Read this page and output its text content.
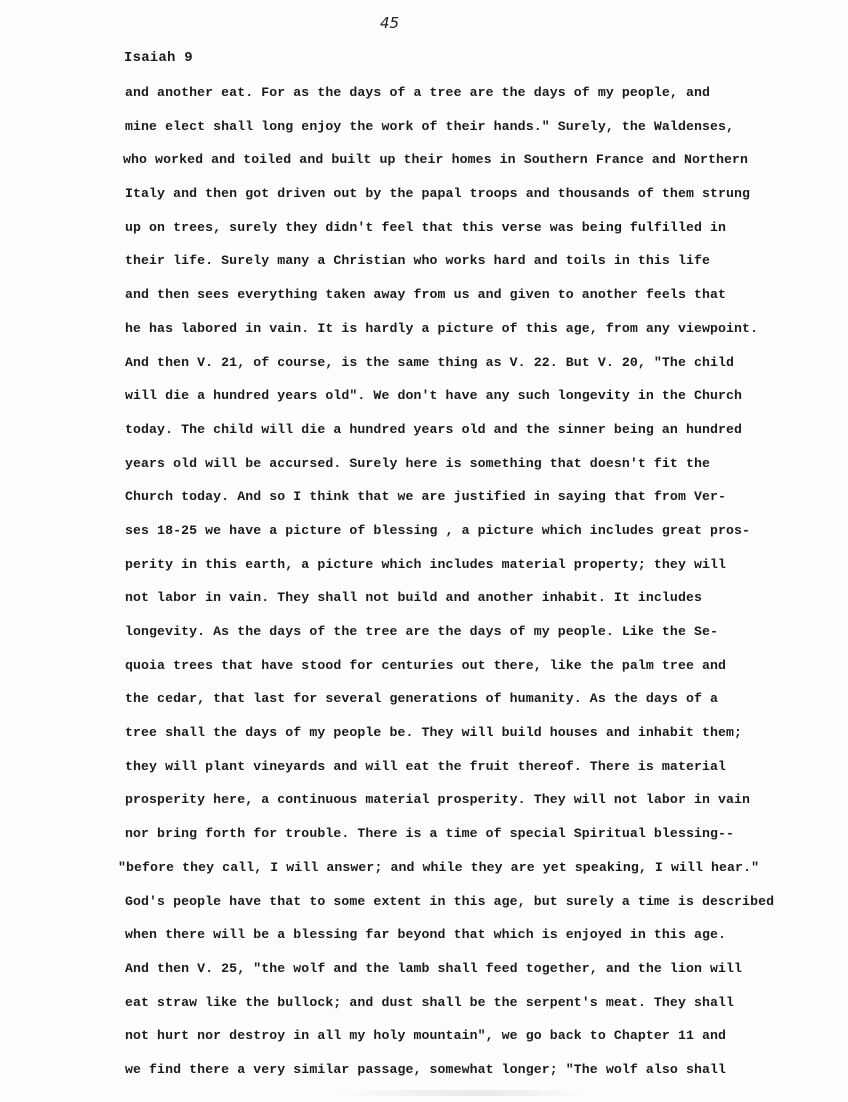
45
Isaiah 9
and another eat. For as the days of a tree are the days of my people, and
mine elect shall long enjoy the work of their hands." Surely, the Waldenses,
who worked and toiled and built up their homes in Southern France and Northern
Italy and then got driven out by the papal troops and thousands of them strung
up on trees, surely they didn't feel that this verse was being fulfilled in
their life. Surely many a Christian who works hard and toils in this life
and then sees everything taken away from us and given to another feels that
he has labored in vain. It is hardly a picture of this age, from any viewpoint.
And then V. 21, of course, is the same thing as V. 22. But V. 20, "The child
will die a hundred years old". We don't have any such longevity in the Church
today. The child will die a hundred years old and the sinner being an hundred
years old will be accursed. Surely here is something that doesn't fit the
Church today. And so I think that we are justified in saying that from Ver-
ses 18-25 we have a picture of blessing , a picture which includes great pros-
perity in this earth, a picture which includes material property; they will
not labor in vain. They shall not build and another inhabit. It includes
longevity. As the days of the tree are the days of my people. Like the Se-
quoia trees that have stood for centuries out there, like the palm tree and
the cedar, that last for several generations of humanity. As the days of a
tree shall the days of my people be. They will build houses and inhabit them;
they will plant vineyards and will eat the fruit thereof. There is material
prosperity here, a continuous material prosperity. They will not labor in vain
nor bring forth for trouble. There is a time of special Spiritual blessing--
"before they call, I will answer; and while they are yet speaking, I will hear."
God's people have that to some extent in this age, but surely a time is described
when there will be a blessing far beyond that which is enjoyed in this age.
And then V. 25, "the wolf and the lamb shall feed together, and the lion will
eat straw like the bullock; and dust shall be the serpent's meat. They shall
not hurt nor destroy in all my holy mountain", we go back to Chapter 11 and
we find there a very similar passage, somewhat longer; "The wolf also shall
